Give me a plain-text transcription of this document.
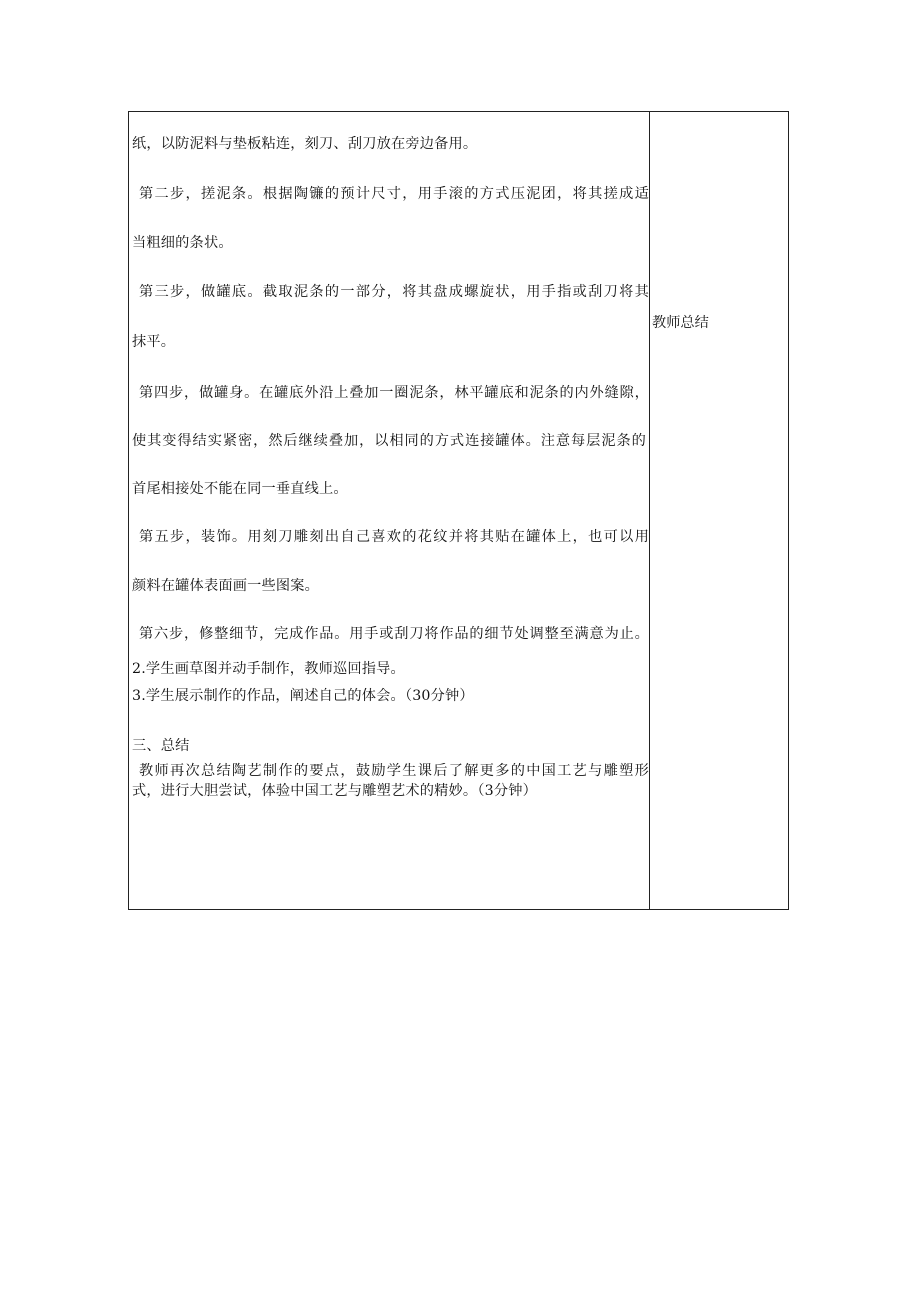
纸，以防泥料与垫板粘连，刻刀、刮刀放在旁边备用。
第二步，搓泥条。根据陶镰的预计尺寸，用手滚的方式压泥团，将其搓成适
当粗细的条状。
第三步，做罐底。截取泥条的一部分，将其盘成螺旋状，用手指或刮刀将其
抹平。
第四步，做罐身。在罐底外沿上叠加一圈泥条，林平罐底和泥条的内外缝隙，
使其变得结实紧密，然后继续叠加，以相同的方式连接罐体。注意每层泥条的
首尾相接处不能在同一垂直线上。
第五步，装饰。用刻刀雕刻出自己喜欢的花纹并将其贴在罐体上，也可以用
颜料在罐体表面画一些图案。
第六步，修整细节，完成作品。用手或刮刀将作品的细节处调整至满意为止。
2.学生画草图并动手制作，教师巡回指导。
3.学生展示制作的作品，阐述自己的体会。（30分钟）
三、总结
教师再次总结陶艺制作的要点，鼓励学生课后了解更多的中国工艺与雕塑形
式，进行大胆尝试，体验中国工艺与雕塑艺术的精妙。（3分钟）
教师总结
